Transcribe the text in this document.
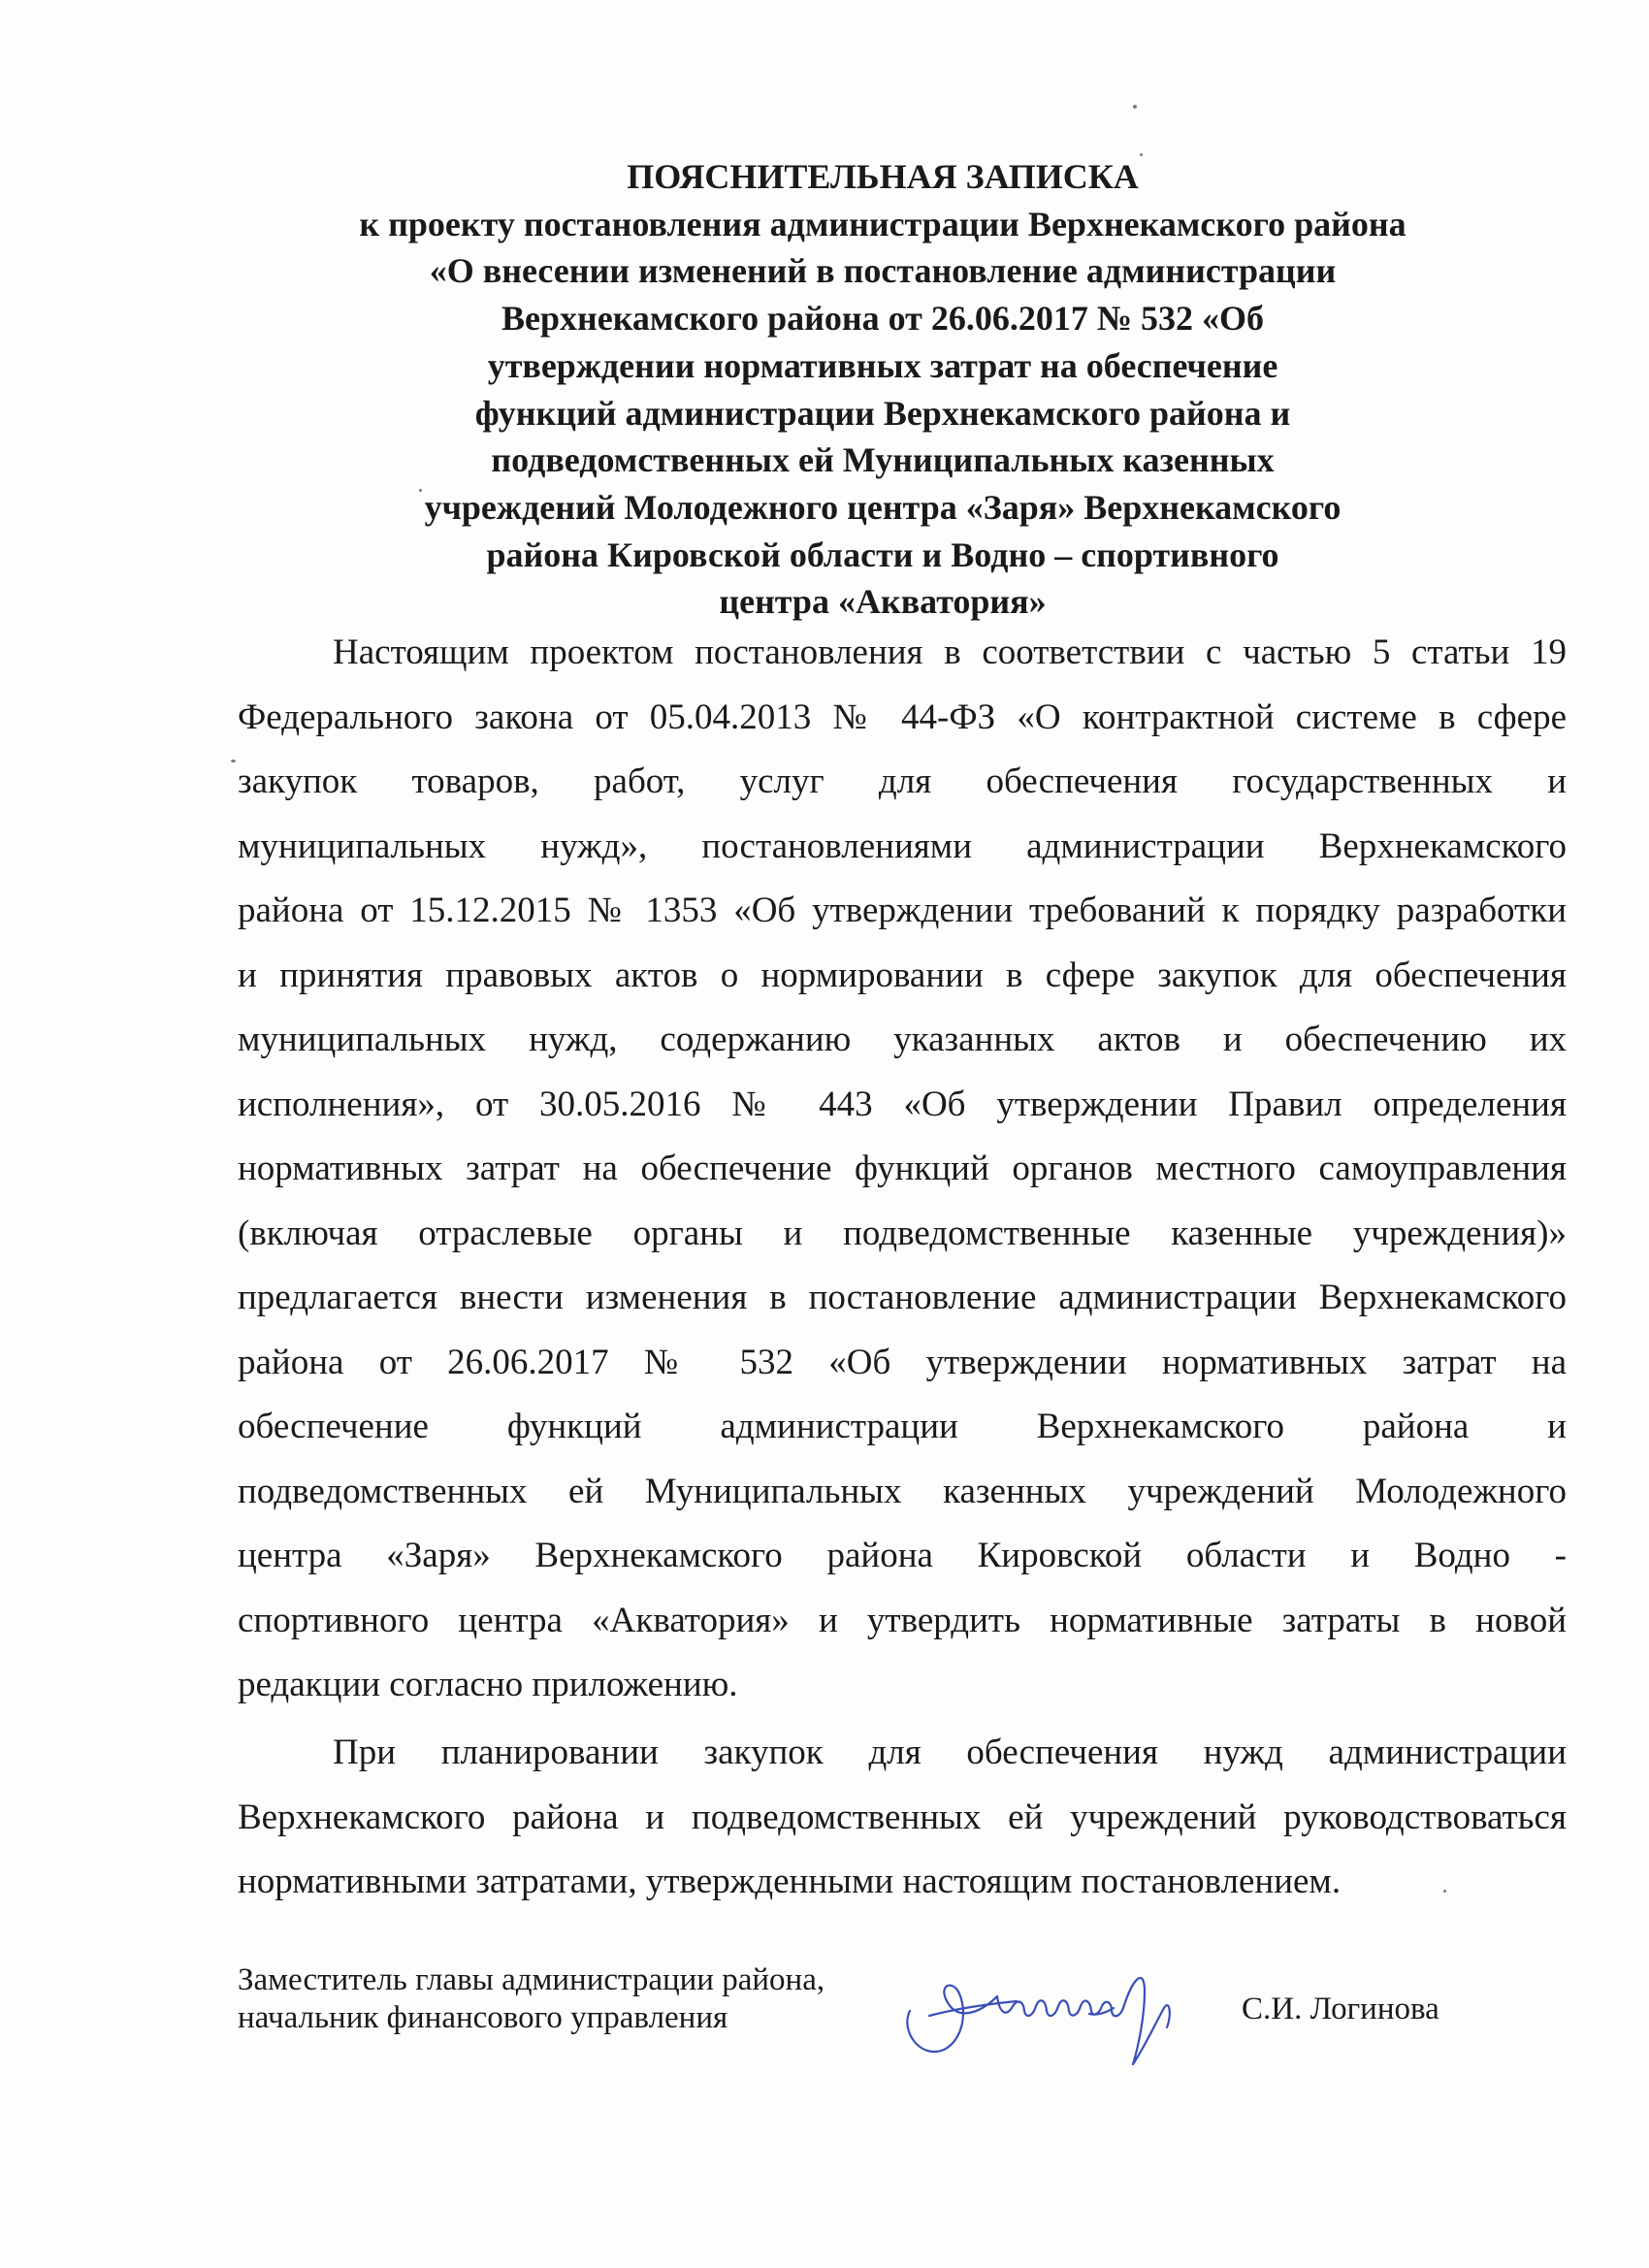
ПОЯСНИТЕЛЬНАЯ ЗАПИСКА
к проекту постановления администрации Верхнекамского района
«О внесении изменений в постановление администрации
Верхнекамского района от 26.06.2017 № 532 «Об
утверждении нормативных затрат на обеспечение
функций администрации Верхнекамского района и
подведомственных ей Муниципальных казенных
учреждений Молодежного центра «Заря» Верхнекамского
района Кировской области и Водно – спортивного
центра «Акватория»
Настоящим проектом постановления в соответствии с частью 5 статьи 19
Федерального закона от 05.04.2013 № 44-ФЗ «О контрактной системе в сфере
закупок товаров, работ, услуг для обеспечения государственных и
муниципальных нужд», постановлениями администрации Верхнекамского
района от 15.12.2015 № 1353 «Об утверждении требований к порядку разработки
и принятия правовых актов о нормировании в сфере закупок для обеспечения
муниципальных нужд, содержанию указанных актов и обеспечению их
исполнения», от 30.05.2016 № 443 «Об утверждении Правил определения
нормативных затрат на обеспечение функций органов местного самоуправления
(включая отраслевые органы и подведомственные казенные учреждения)»
предлагается внести изменения в постановление администрации Верхнекамского
района от 26.06.2017 № 532 «Об утверждении нормативных затрат на
обеспечение функций администрации Верхнекамского района и
подведомственных ей Муниципальных казенных учреждений Молодежного
центра «Заря» Верхнекамского района Кировской области и Водно -
спортивного центра «Акватория» и утвердить нормативные затраты в новой
редакции согласно приложению.
При планировании закупок для обеспечения нужд администрации
Верхнекамского района и подведомственных ей учреждений руководствоваться
нормативными затратами, утвержденными настоящим постановлением.
Заместитель главы администрации района,
начальник финансового управления	С.И. Логинова
